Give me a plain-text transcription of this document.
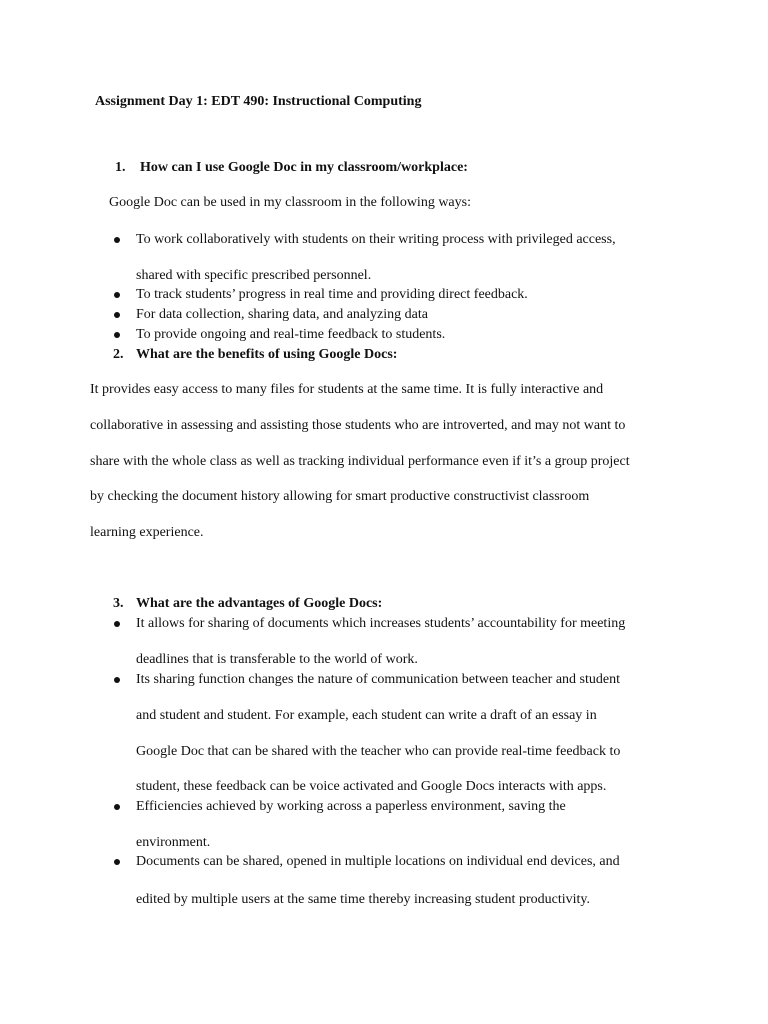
Assignment Day 1: EDT 490: Instructional Computing
1. How can I use Google Doc in my classroom/workplace:
Google Doc can be used in my classroom in the following ways:
To work collaboratively with students on their writing process with privileged access,
shared with specific prescribed personnel.
To track students’ progress in real time and providing direct feedback.
For data collection, sharing data, and analyzing data
To provide ongoing and real-time feedback to students.
2. What are the benefits of using Google Docs:
It provides easy access to many files for students at the same time. It is fully interactive and
collaborative in assessing and assisting those students who are introverted, and may not want to
share with the whole class as well as tracking individual performance even if it’s a group project
by checking the document history allowing for smart productive constructivist classroom
learning experience.
3. What are the advantages of Google Docs:
It allows for sharing of documents which increases students’ accountability for meeting
deadlines that is transferable to the world of work.
Its sharing function changes the nature of communication between teacher and student
and student and student. For example, each student can write a draft of an essay in
Google Doc that can be shared with the teacher who can provide real-time feedback to
student, these feedback can be voice activated and Google Docs interacts with apps.
Efficiencies achieved by working across a paperless environment, saving the
environment.
Documents can be shared, opened in multiple locations on individual end devices, and
edited by multiple users at the same time thereby increasing student productivity.
